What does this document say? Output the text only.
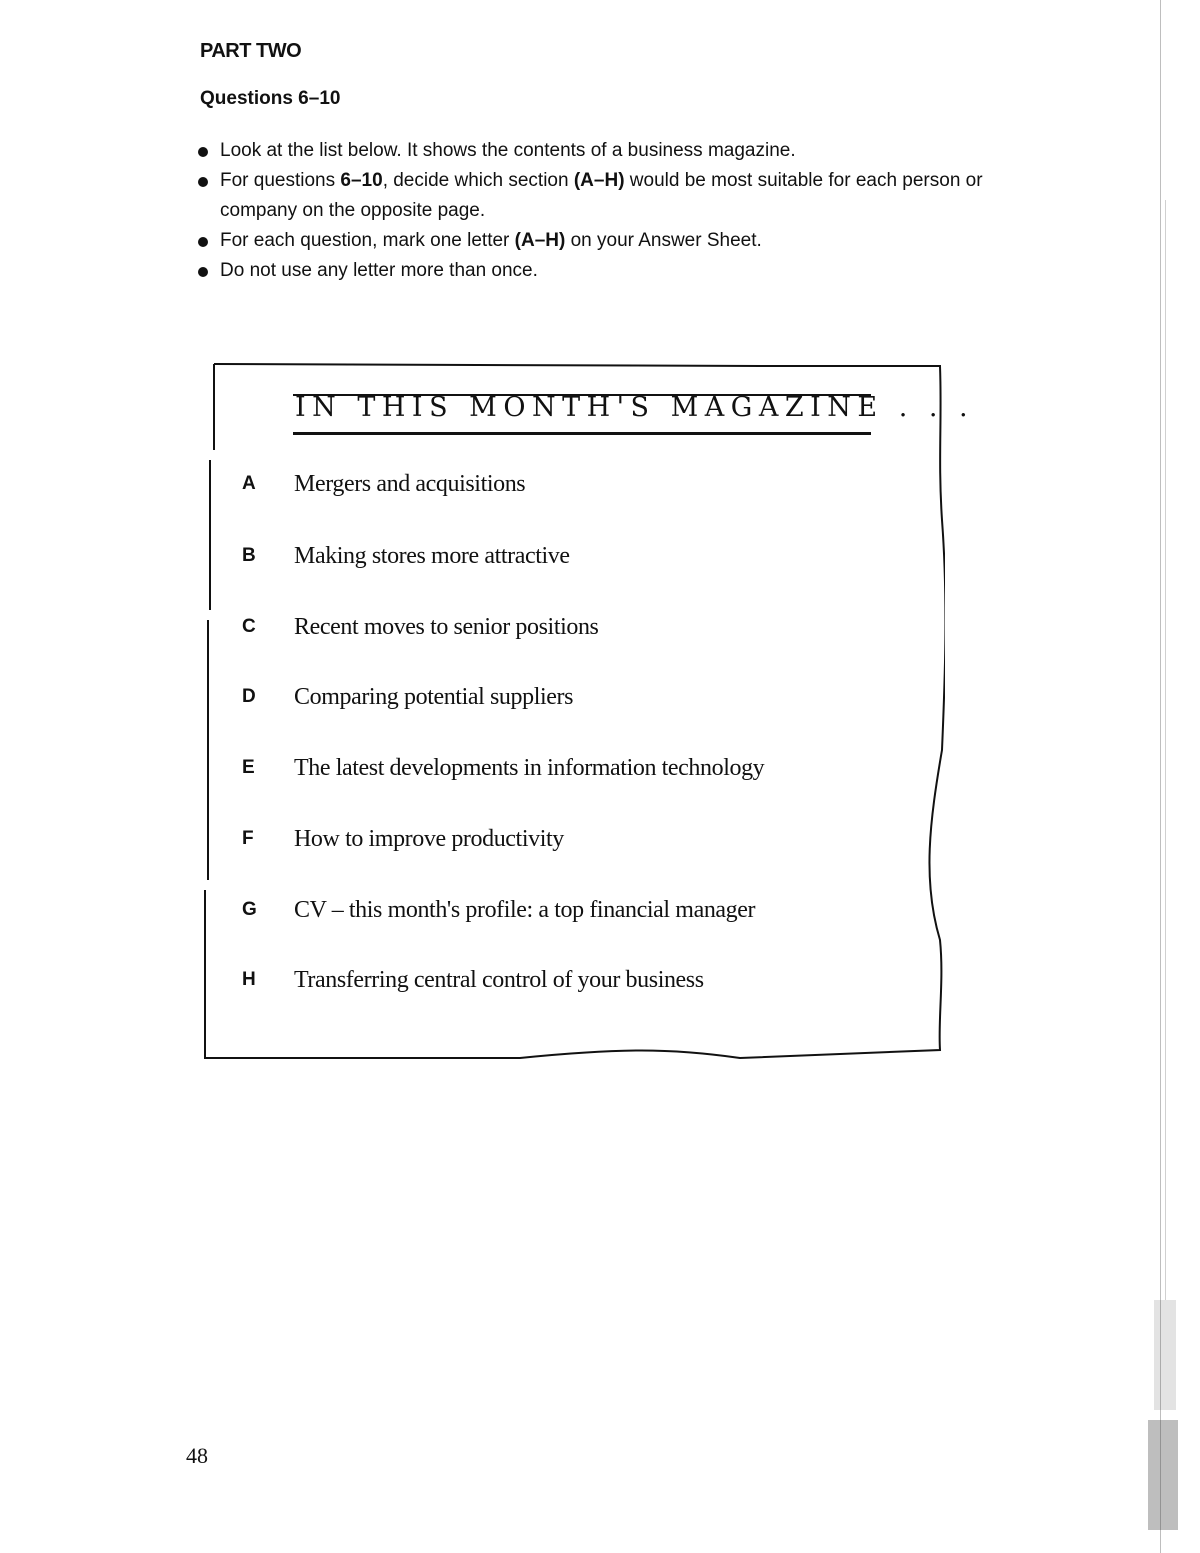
PART TWO
Questions 6–10
Look at the list below. It shows the contents of a business magazine.
For questions 6–10, decide which section (A–H) would be most suitable for each person or company on the opposite page.
For each question, mark one letter (A–H) on your Answer Sheet.
Do not use any letter more than once.
IN THIS MONTH'S MAGAZINE . . .
A Mergers and acquisitions
B Making stores more attractive
C Recent moves to senior positions
D Comparing potential suppliers
E	The latest developments in information technology
F	How to improve productivity
G CV – this month's profile: a top financial manager
H Transferring central control of your business
48
